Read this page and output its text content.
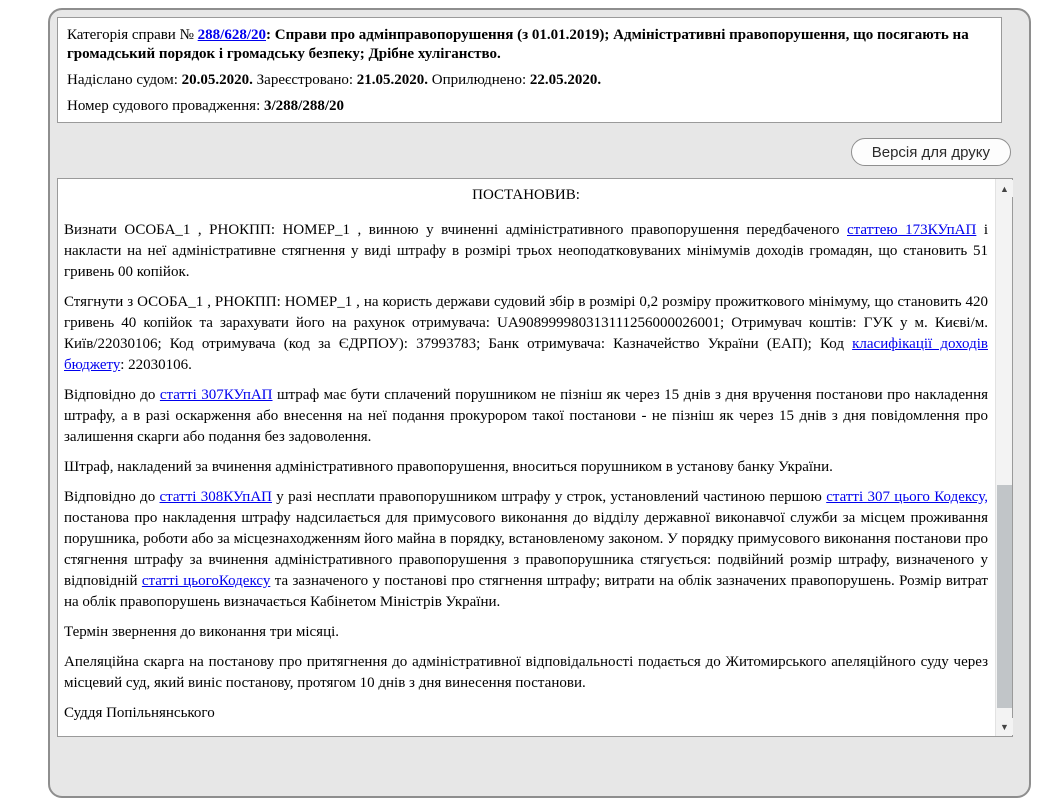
Категорія справи № 288/628/20: Справи про адмінправопорушення (з 01.01.2019); Адміністративні правопорушення, що посягають на громадський порядок і громадську безпеку; Дрібне хуліганство.

Надіслано судом: 20.05.2020. Зареєстровано: 21.05.2020. Оприлюднено: 22.05.2020.

Номер судового провадження: 3/288/288/20

Версія для друку

ПОСТАНОВИВ:

Визнати ОСОБА_1 , РНОКПП: НОМЕР_1 , винною у вчиненні адміністративного правопорушення передбаченого статтею 173КУпАП і накласти на неї адміністративне стягнення у виді штрафу в розмірі трьох неоподатковуваних мінімумів доходів громадян, що становить 51 гривень 00 копійок.

Стягнути з ОСОБА_1 , РНОКПП: НОМЕР_1 , на користь держави судовий збір в розмірі 0,2 розміру прожиткового мінімуму, що становить 420 гривень 40 копійок та зарахувати його на рахунок отримувача: UA908999980313111256000026001; Отримувач коштів: ГУК у м. Києві/м. Київ/22030106; Код отримувача (код за ЄДРПОУ): 37993783; Банк отримувача: Казначейство України (ЕАП); Код класифікації доходів бюджету: 22030106.

Відповідно до статті 307КУпАП штраф має бути сплачений порушником не пізніш як через 15 днів з дня вручення постанови про накладення штрафу, а в разі оскарження або внесення на неї подання прокурором такої постанови - не пізніш як через 15 днів з дня повідомлення про залишення скарги або подання без задоволення.

Штраф, накладений за вчинення адміністративного правопорушення, вноситься порушником в установу банку України.

Відповідно до статті 308КУпАП у разі несплати правопорушником штрафу у строк, установлений частиною першою статті 307 цього Кодексу, постанова про накладення штрафу надсилається для примусового виконання до відділу державної виконавчої служби за місцем проживання порушника, роботи або за місцезнаходженням його майна в порядку, встановленому законом. У порядку примусового виконання постанови про стягнення штрафу за вчинення адміністративного правопорушення з правопорушника стягується: подвійний розмір штрафу, визначеного у відповідній статті цьогоКодексу та зазначеного у постанові про стягнення штрафу; витрати на облік зазначених правопорушень. Розмір витрат на облік правопорушень визначається Кабінетом Міністрів України.

Термін звернення до виконання три місяці.

Апеляційна скарга на постанову про притягнення до адміністративної відповідальності подається до Житомирського апеляційного суду через місцевий суд, який виніс постанову, протягом 10 днів з дня винесення постанови.

Суддя Попільнянського

▲
▼
